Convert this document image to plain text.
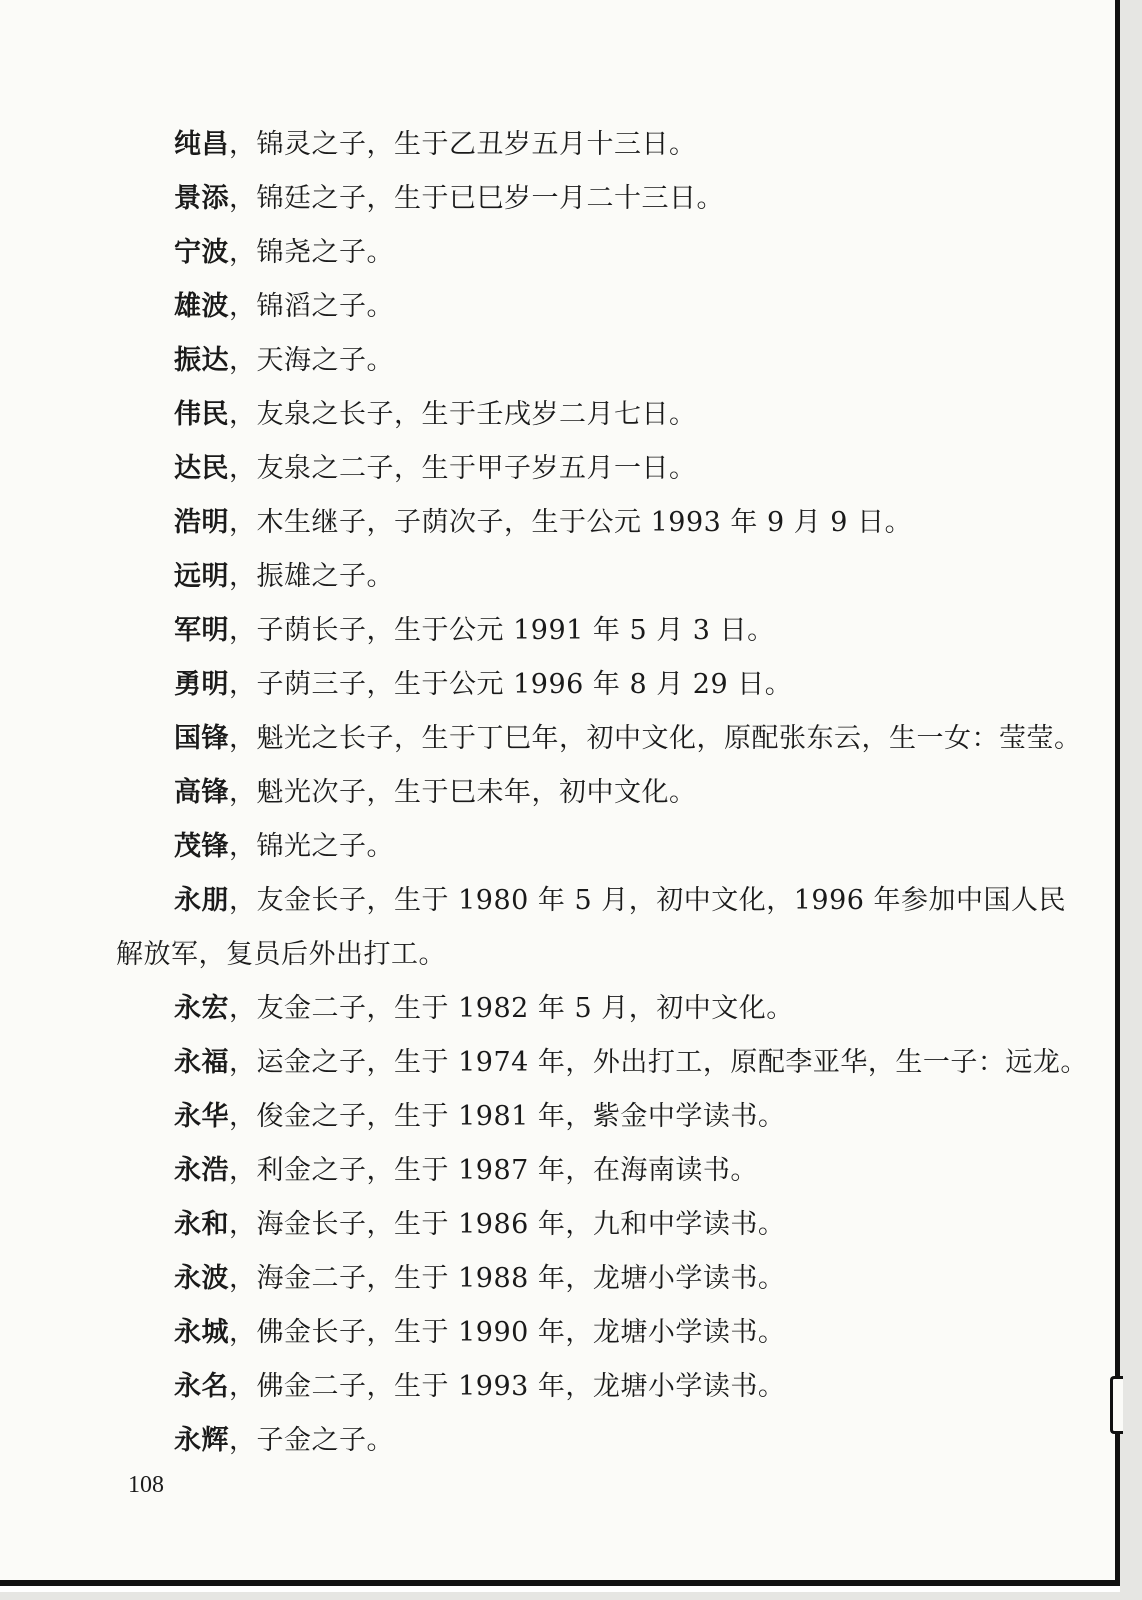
纯昌，锦灵之子，生于乙丑岁五月十三日。

景添，锦廷之子，生于已巳岁一月二十三日。

宁波，锦尧之子。

雄波，锦滔之子。

振达，天海之子。

伟民，友泉之长子，生于壬戌岁二月七日。

达民，友泉之二子，生于甲子岁五月一日。

浩明，木生继子，子荫次子，生于公元 1993 年 9 月 9 日。

远明，振雄之子。

军明，子荫长子，生于公元 1991 年 5 月 3 日。

勇明，子荫三子，生于公元 1996 年 8 月 29 日。

国锋，魁光之长子，生于丁巳年，初中文化，原配张东云，生一女：莹莹。

高锋，魁光次子，生于巳未年，初中文化。

茂锋，锦光之子。

永朋，友金长子，生于 1980 年 5 月，初中文化，1996 年参加中国人民解放军，复员后外出打工。

永宏，友金二子，生于 1982 年 5 月，初中文化。

永福，运金之子，生于 1974 年，外出打工，原配李亚华，生一子：远龙。

永华，俊金之子，生于 1981 年，紫金中学读书。

永浩，利金之子，生于 1987 年，在海南读书。

永和，海金长子，生于 1986 年，九和中学读书。

永波，海金二子，生于 1988 年，龙塘小学读书。

永城，佛金长子，生于 1990 年，龙塘小学读书。

永名，佛金二子，生于 1993 年，龙塘小学读书。

永辉，子金之子。

108
